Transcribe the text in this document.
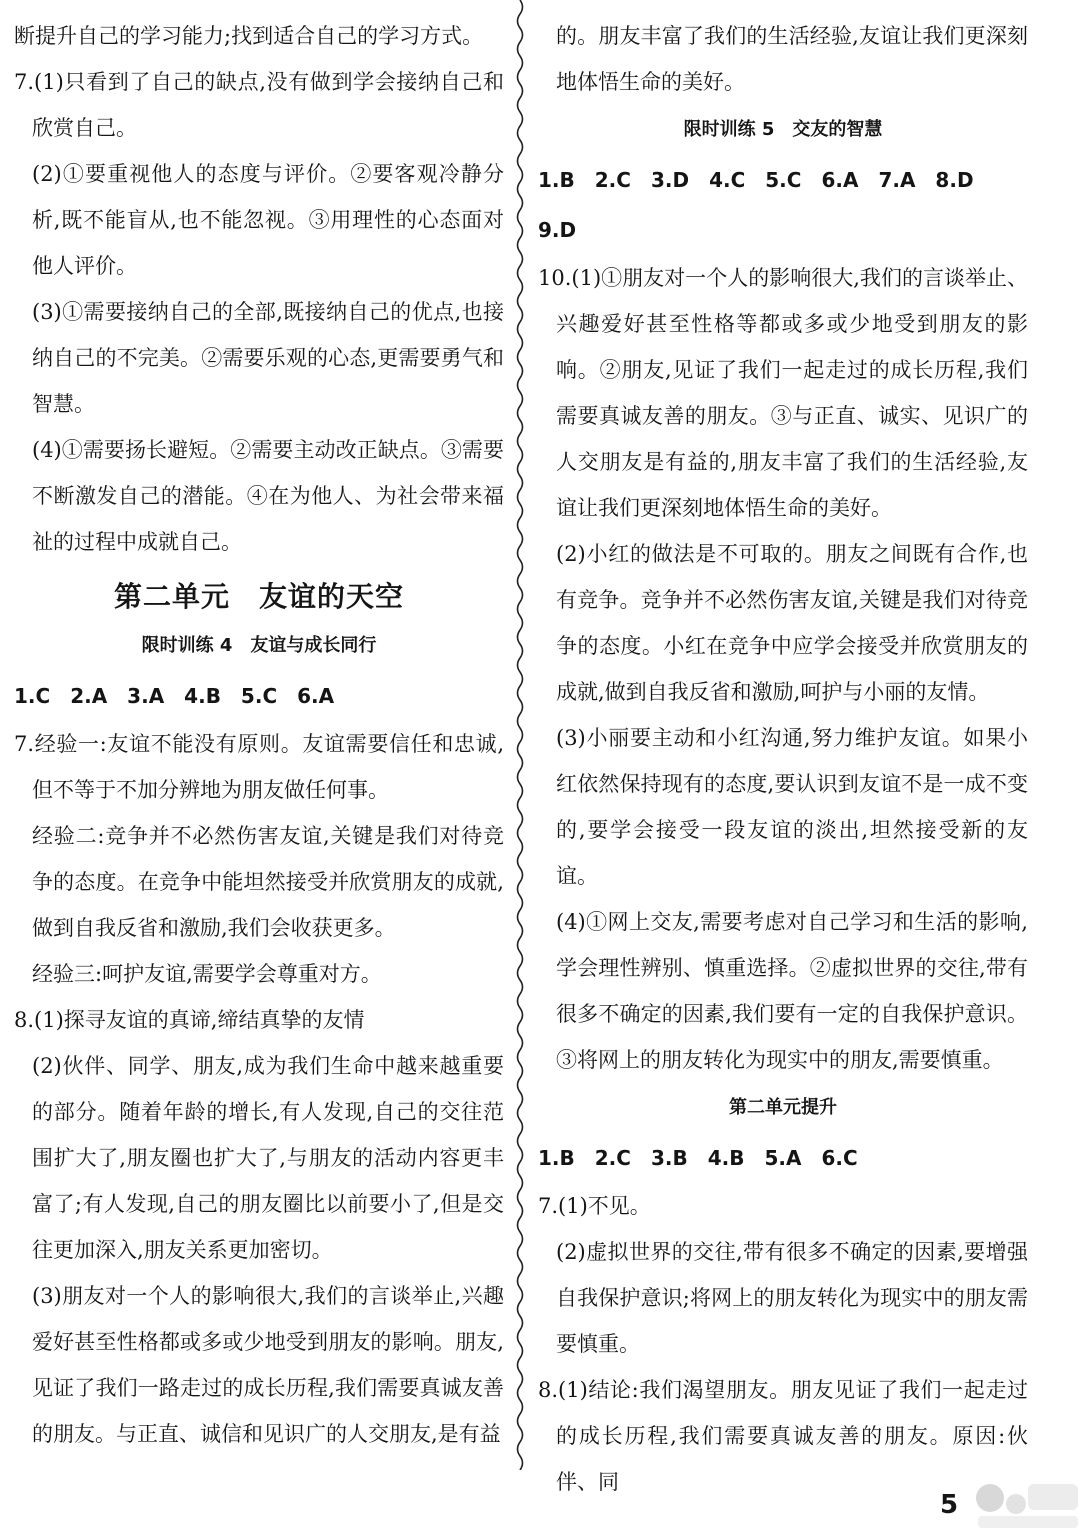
断提升自己的学习能力;找到适合自己的学习方式。

7.(1)只看到了自己的缺点,没有做到学会接纳自己和欣赏自己。

(2)①要重视他人的态度与评价。②要客观冷静分析,既不能盲从,也不能忽视。③用理性的心态面对他人评价。

(3)①需要接纳自己的全部,既接纳自己的优点,也接纳自己的不完美。②需要乐观的心态,更需要勇气和智慧。

(4)①需要扬长避短。②需要主动改正缺点。③需要不断激发自己的潜能。④在为他人、为社会带来福祉的过程中成就自己。

第二单元　友谊的天空
限时训练 4　友谊与成长同行

1.C　2.A　3.A　4.B　5.C　6.A

7.经验一:友谊不能没有原则。友谊需要信任和忠诚,但不等于不加分辨地为朋友做任何事。

经验二:竞争并不必然伤害友谊,关键是我们对待竞争的态度。在竞争中能坦然接受并欣赏朋友的成就,做到自我反省和激励,我们会收获更多。

经验三:呵护友谊,需要学会尊重对方。

8.(1)探寻友谊的真谛,缔结真挚的友情

(2)伙伴、同学、朋友,成为我们生命中越来越重要的部分。随着年龄的增长,有人发现,自己的交往范围扩大了,朋友圈也扩大了,与朋友的活动内容更丰富了;有人发现,自己的朋友圈比以前要小了,但是交往更加深入,朋友关系更加密切。

(3)朋友对一个人的影响很大,我们的言谈举止,兴趣爱好甚至性格都或多或少地受到朋友的影响。朋友,见证了我们一路走过的成长历程,我们需要真诚友善的朋友。与正直、诚信和见识广的人交朋友,是有益

的。朋友丰富了我们的生活经验,友谊让我们更深刻地体悟生命的美好。

限时训练 5　交友的智慧

1.B　2.C　3.D　4.C　5.C　6.A　7.A　8.D　9.D

10.(1)①朋友对一个人的影响很大,我们的言谈举止、兴趣爱好甚至性格等都或多或少地受到朋友的影响。②朋友,见证了我们一起走过的成长历程,我们需要真诚友善的朋友。③与正直、诚实、见识广的人交朋友是有益的,朋友丰富了我们的生活经验,友谊让我们更深刻地体悟生命的美好。

(2)小红的做法是不可取的。朋友之间既有合作,也有竞争。竞争并不必然伤害友谊,关键是我们对待竞争的态度。小红在竞争中应学会接受并欣赏朋友的成就,做到自我反省和激励,呵护与小丽的友情。

(3)小丽要主动和小红沟通,努力维护友谊。如果小红依然保持现有的态度,要认识到友谊不是一成不变的,要学会接受一段友谊的淡出,坦然接受新的友谊。

(4)①网上交友,需要考虑对自己学习和生活的影响,学会理性辨别、慎重选择。②虚拟世界的交往,带有很多不确定的因素,我们要有一定的自我保护意识。③将网上的朋友转化为现实中的朋友,需要慎重。

第二单元提升

1.B　2.C　3.B　4.B　5.A　6.C

7.(1)不见。

(2)虚拟世界的交往,带有很多不确定的因素,要增强自我保护意识;将网上的朋友转化为现实中的朋友需要慎重。

8.(1)结论:我们渴望朋友。朋友见证了我们一起走过的成长历程,我们需要真诚友善的朋友。原因:伙伴、同

5
